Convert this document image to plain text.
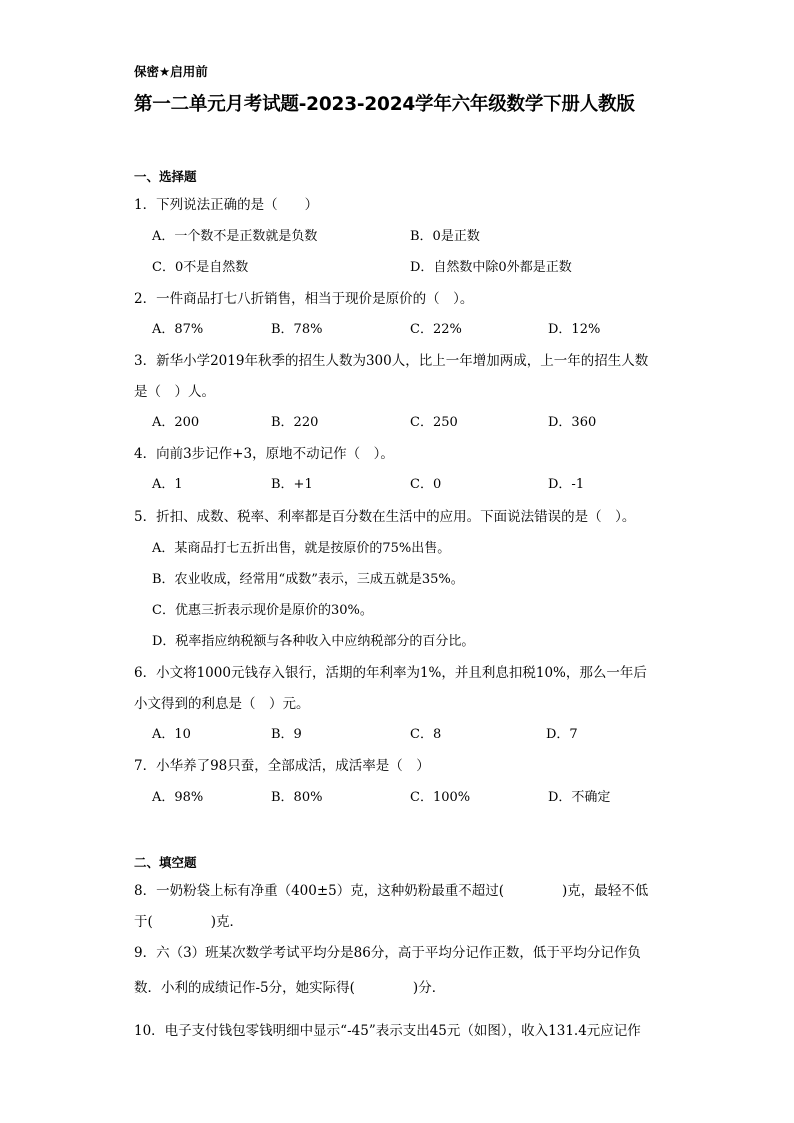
保密★启用前
第一二单元月考试题-2023-2024学年六年级数学下册人教版
一、选择题
1．下列说法正确的是（　　）
A．一个数不是正数就是负数	B．0是正数
C．0不是自然数	D．自然数中除0外都是正数
2．一件商品打七八折销售，相当于现价是原价的（　）。
A．87%	B．78%	C．22%	D．12%
3．新华小学2019年秋季的招生人数为300人，比上一年增加两成，上一年的招生人数
是（　）人。
A．200	B．220	C．250	D．360
4．向前3步记作+3，原地不动记作（　）。
A．1	B．+1	C．0	D．-1
5．折扣、成数、税率、利率都是百分数在生活中的应用。下面说法错误的是（　）。
A．某商品打七五折出售，就是按原价的75%出售。
B．农业收成，经常用“成数”表示，三成五就是35%。
C．优惠三折表示现价是原价的30%。
D．税率指应纳税额与各种收入中应纳税部分的百分比。
6．小文将1000元钱存入银行，活期的年利率为1%，并且利息扣税10%，那么一年后
小文得到的利息是（　）元。
A．10	B．9	C．8	D．7
7．小华养了98只蚕，全部成活，成活率是（　）
A．98%	B．80%	C．100%	D．不确定
二、填空题
8．一奶粉袋上标有净重（400±5）克，这种奶粉最重不超过(	)克，最轻不低
于(	)克．
9．六（3）班某次数学考试平均分是86分，高于平均分记作正数，低于平均分记作负
数．小利的成绩记作-5分，她实际得(	)分．
10．电子支付钱包零钱明细中显示“-45”表示支出45元（如图），收入131.4元应记作
